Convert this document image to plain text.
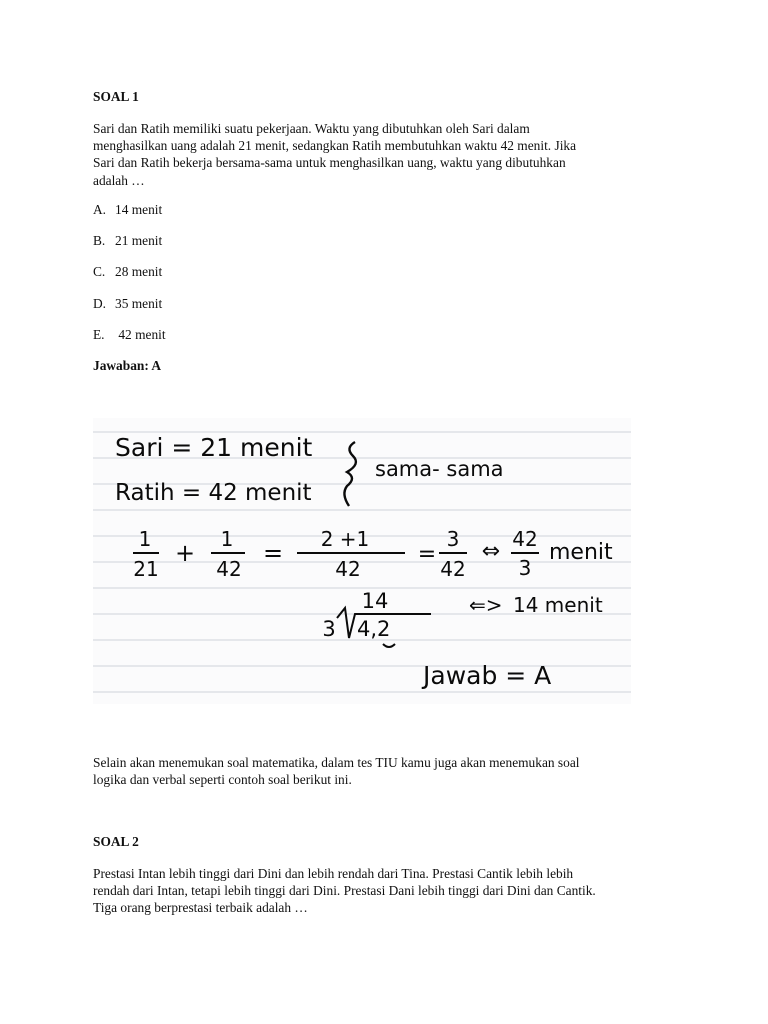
SOAL 1
Sari dan Ratih memiliki suatu pekerjaan. Waktu yang dibutuhkan oleh Sari dalam
menghasilkan uang adalah 21 menit, sedangkan Ratih membutuhkan waktu 42 menit. Jika
Sari dan Ratih bekerja bersama-sama untuk menghasilkan uang, waktu yang dibutuhkan
adalah …
A. 14 menit
B. 21 menit
C. 28 menit
D. 35 menit
E. 42 menit
Jawaban: A
Selain akan menemukan soal matematika, dalam tes TIU kamu juga akan menemukan soal
logika dan verbal seperti contoh soal berikut ini.
SOAL 2
Prestasi Intan lebih tinggi dari Dini dan lebih rendah dari Tina. Prestasi Cantik lebih lebih
rendah dari Intan, tetapi lebih tinggi dari Dini. Prestasi Dani lebih tinggi dari Dini dan Cantik.
Tiga orang berprestasi terbaik adalah …
Sari = 21 menit
Ratih = 42 menit
sama- sama
1
21
+ 1
42
= 2 +1
42
=
3
42
⇔ 42
3
menit
14
3 4,2
⇐> 14 menit
Jawab = A
